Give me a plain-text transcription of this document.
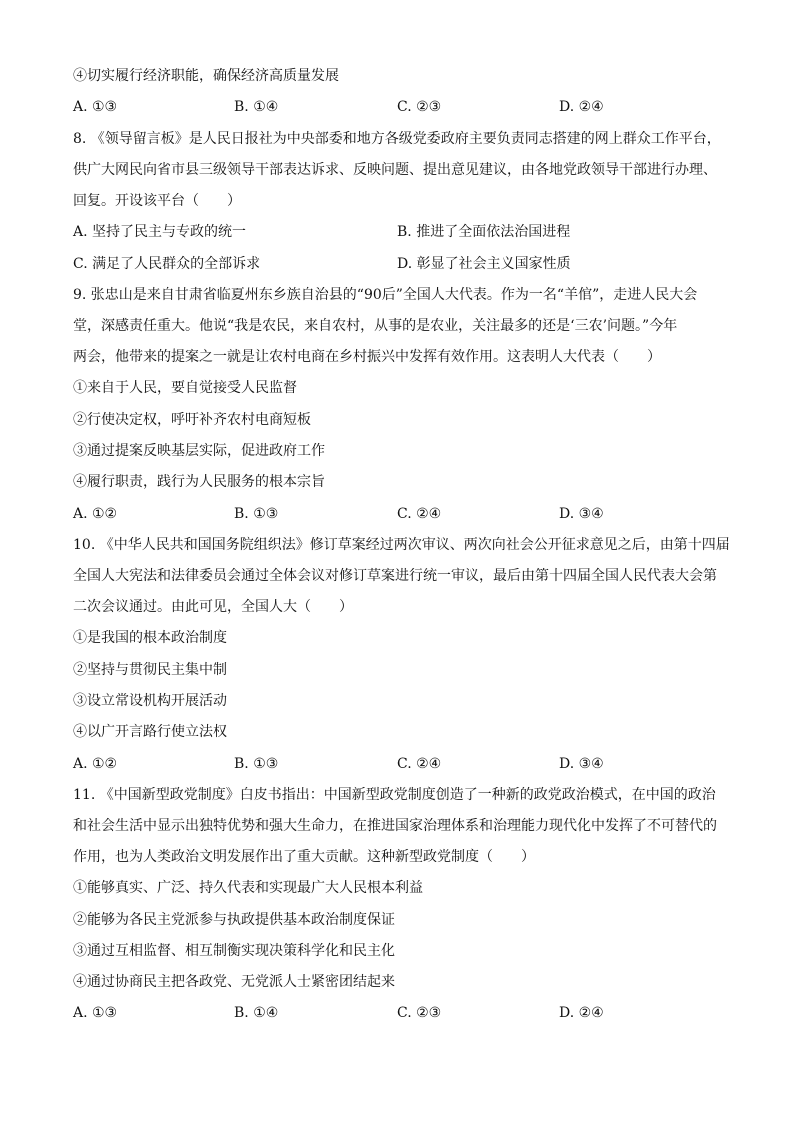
④切实履行经济职能，确保经济高质量发展
A. ①③	B. ①④	C. ②③	D. ②④
8. 《领导留言板》是人民日报社为中央部委和地方各级党委政府主要负责同志搭建的网上群众工作平台，
供广大网民向省市县三级领导干部表达诉求、反映问题、提出意见建议，由各地党政领导干部进行办理、
回复。开设该平台（　　）
A. 坚持了民主与专政的统一	B. 推进了全面依法治国进程
C. 满足了人民群众的全部诉求	D. 彰显了社会主义国家性质
9. 张忠山是来自甘肃省临夏州东乡族自治县的“90后”全国人大代表。作为一名“羊倌”，走进人民大会
堂，深感责任重大。他说“我是农民，来自农村，从事的是农业，关注最多的还是‘三农’问题。”今年
两会，他带来的提案之一就是让农村电商在乡村振兴中发挥有效作用。这表明人大代表（　　）
①来自于人民，要自觉接受人民监督
②行使决定权，呼吁补齐农村电商短板
③通过提案反映基层实际，促进政府工作
④履行职责，践行为人民服务的根本宗旨
A. ①②	B. ①③	C. ②④	D. ③④
10. 《中华人民共和国国务院组织法》修订草案经过两次审议、两次向社会公开征求意见之后，由第十四届
全国人大宪法和法律委员会通过全体会议对修订草案进行统一审议，最后由第十四届全国人民代表大会第
二次会议通过。由此可见，全国人大（　　）
①是我国的根本政治制度
②坚持与贯彻民主集中制
③设立常设机构开展活动
④以广开言路行使立法权
A. ①②	B. ①③	C. ②④	D. ③④
11. 《中国新型政党制度》白皮书指出：中国新型政党制度创造了一种新的政党政治模式，在中国的政治
和社会生活中显示出独特优势和强大生命力，在推进国家治理体系和治理能力现代化中发挥了不可替代的
作用，也为人类政治文明发展作出了重大贡献。这种新型政党制度（　　）
①能够真实、广泛、持久代表和实现最广大人民根本利益
②能够为各民主党派参与执政提供基本政治制度保证
③通过互相监督、相互制衡实现决策科学化和民主化
④通过协商民主把各政党、无党派人士紧密团结起来
A. ①③	B. ①④	C. ②③	D. ②④
